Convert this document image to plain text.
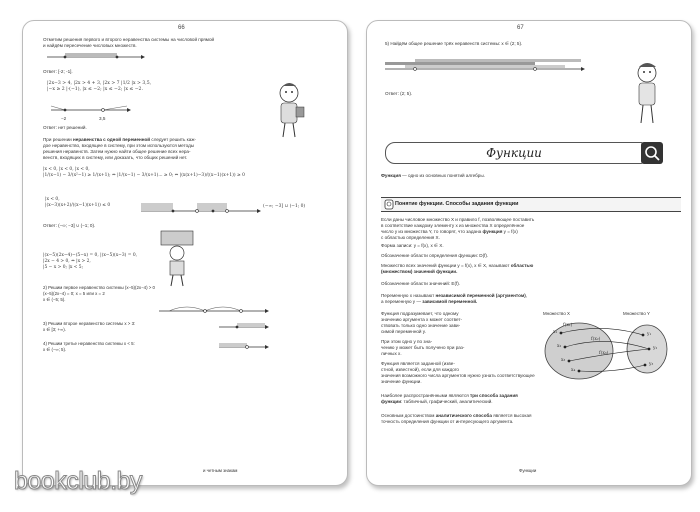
66
Отметим решения первого и второго неравенства системы на числовой прямой
и найдём пересечение числовых множеств.
Ответ: [-2; -1].
|2x−3 > 4, |2x > 4 + 3, |2x > 7 |1/2 |x > 3,5,
|−x ≥ 2 |·(−1), |x ≤ −2; |x ≤ −2; |x ≤ −2.
−2	3,5
Ответ: нет решений.
При решении неравенства с одной переменной следует решить каж-
дое неравенство, входящее в систему, при этом используются методы
решения неравенств. Затем нужно найти общее решение всех нера-
венств, входящих в систему, или доказать, что общих решений нет.
|x < 0, |x < 0, |x < 0,
|1/(x−1) − 3/(x²−1) ≥ 1/(x+1); ⇔ |1/(x−1) − 3/(x+1)... ≥ 0; ⇔ |(x(x+1)−3)/((x−1)(x+1)) ≥ 0
|x < 0,
|(x−3)(x+2)/((x−1)(x+1)) ≤ 0	(−∞; −3] ∪ (−1; 0)
Ответ: (−∞; −3] ∪ (−1; 0).
|(x−5)(2x−4)−(5−x) = 0, |(x−5)(x−3) = 0,
|2x − 4 > 0, ⇔ |x > 2,
|5 − x > 0; |x < 5;
2) Решим первое неравенство системы (x−5)(2x−4) > 0
(x−5)(2x−4) = 0; x = 5 или x = 2
x ∈ (−5; 5).
3) Решим второе неравенство системы x > 3:
x ∈ [3; +∞).
4) Решим третье неравенство системы x < 5:
x ∈ (−∞; 5).
и четным знакам
67
5) Найдём общее решение трёх неравенств системы: x ∈ (2; 5).
Ответ: (2; 5).
Функции
Функция — одно из основных понятий алгебры.
Понятие функции. Способы задания функции
Если даны числовое множество X и правило f, позволяющее поставить
в соответствие каждому элементу x из множества X определённое
число y из множества Y, то говорят, что задана функция y = f(x)
с областью определения X.
Форма записи: y = f(x), x ∈ X.
Обозначение области определения функции: D(f).
Множество всех значений функции y = f(x), x ∈ X, называют областью
(множеством) значений функции.
Обозначение области значений: E(f).
Переменную x называют независимой переменной (аргументом),
а переменную y — зависимой переменной.
Функция подразумевает, что одному
значению аргумента x может соответ-
ствовать только одно значение зави-
симой переменной y.
При этом одно y по зна-
чению y может быть получено при раз-
личных x.
Функция является заданной (изве-
стной, известной), если для каждого
значения возможного числа аргументов нужно узнать соответствующее
значение функции.
Множество X	Множество Y
f(x₁)
f(x₂)
f(x₃)
x₁
x₂
x₃
x₄
y₁
y₂
y₃
Наиболее распространёнными являются три способа задания
функции: табличный, графический, аналитический.
Основным достоинством аналитического способа является высокая
точность определения функции от интересующего аргумента.
Функции
bookclub.by
